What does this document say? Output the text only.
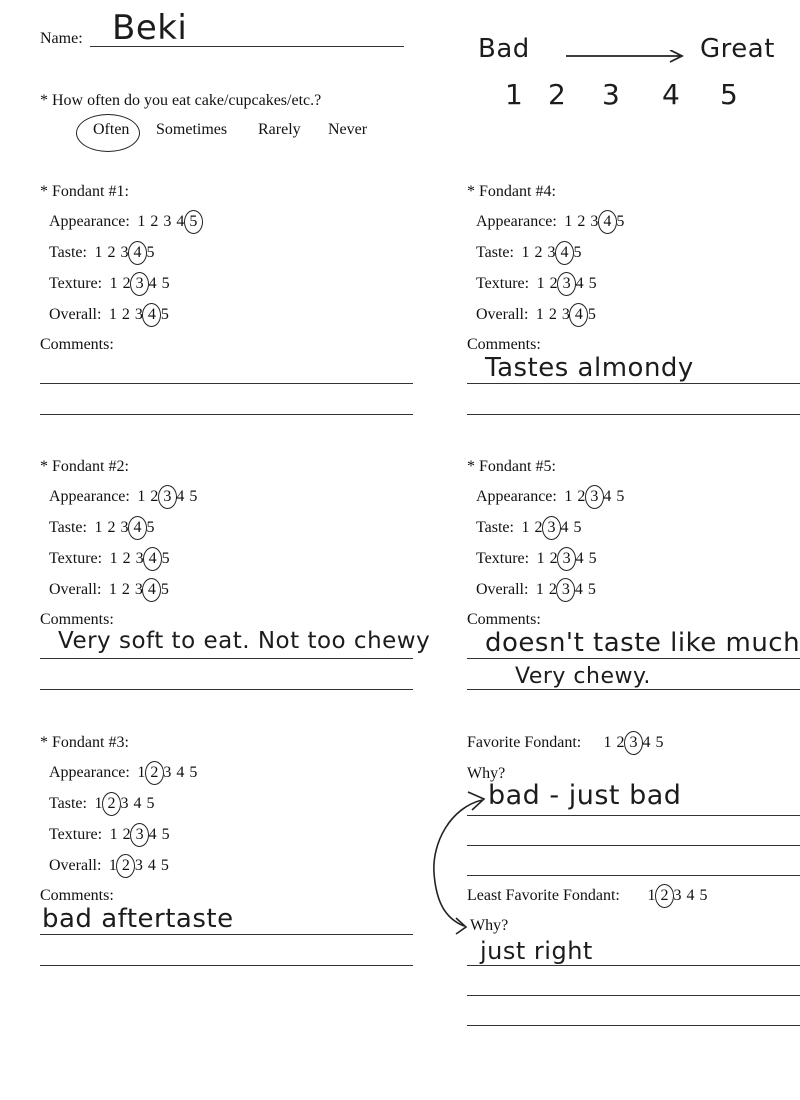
Name: Beki
Bad	Great
1 2 3 4 5
* How often do you eat cake/cupcakes/etc.?
Often Sometimes Rarely Never
* Fondant #1:
Appearance: 1 2 3 4 5
Taste: 1 2 3 4 5
Texture: 1 2 3 4 5
Overall: 1 2 3 4 5
Comments:
* Fondant #2:
Appearance: 1 2 3 4 5
Taste: 1 2 3 4 5
Texture: 1 2 3 4 5
Overall: 1 2 3 4 5
Comments:
Very soft to eat. Not too chewy
* Fondant #3:
Appearance: 1 2 3 4 5
Taste: 1 2 3 4 5
Texture: 1 2 3 4 5
Overall: 1 2 3 4 5
Comments:
bad aftertaste
* Fondant #4:
Appearance: 1 2 3 4 5
Taste: 1 2 3 4 5
Texture: 1 2 3 4 5
Overall: 1 2 3 4 5
Comments:
Tastes almondy
* Fondant #5:
Appearance: 1 2 3 4 5
Taste: 1 2 3 4 5
Texture: 1 2 3 4 5
Overall: 1 2 3 4 5
Comments:
doesn't taste like much
Very chewy.
Favorite Fondant: 1 2 3 4 5
Why?
bad - just bad
Least Favorite Fondant: 1 2 3 4 5
Why?
just right
